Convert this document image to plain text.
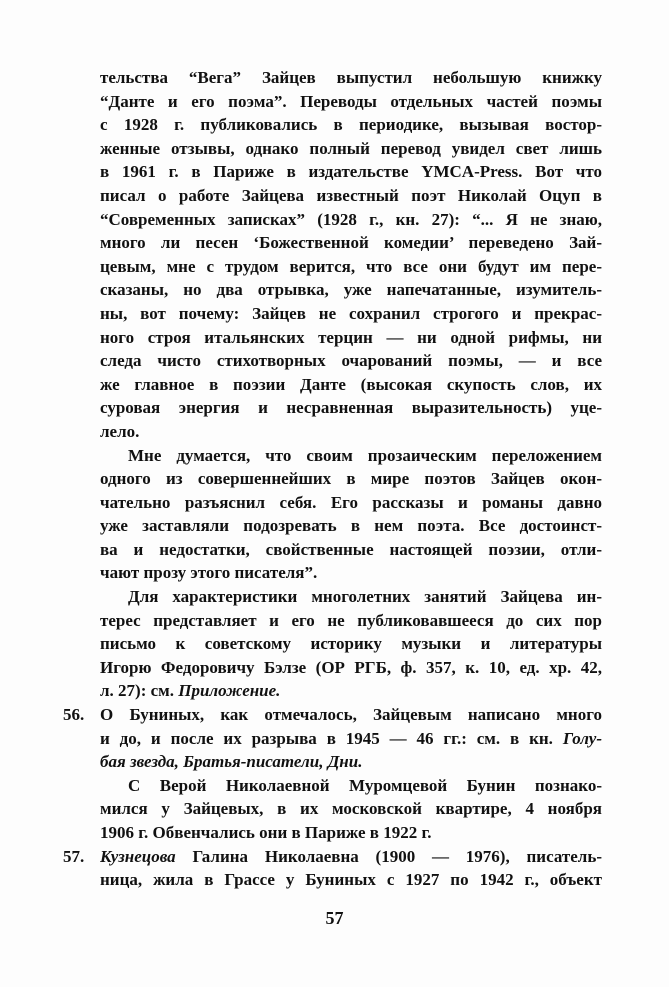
тельства “Вега” Зайцев выпустил небольшую книжку
“Данте и его поэма”. Переводы отдельных частей поэмы
с 1928 г. публиковались в периодике, вызывая востор-
женные отзывы, однако полный перевод увидел свет лишь
в 1961 г. в Париже в издательстве YMCA-Press. Вот что
писал о работе Зайцева известный поэт Николай Оцуп в
“Современных записках” (1928 г., кн. 27): “... Я не знаю,
много ли песен ‘Божественной комедии’ переведено Зай-
цевым, мне с трудом верится, что все они будут им пере-
сказаны, но два отрывка, уже напечатанные, изумитель-
ны, вот почему: Зайцев не сохранил строгого и прекрас-
ного строя итальянских терцин — ни одной рифмы, ни
следа чисто стихотворных очарований поэмы, — и все
же главное в поэзии Данте (высокая скупость слов, их
суровая энергия и несравненная выразительность) уце-
лело.
Мне думается, что своим прозаическим переложением
одного из совершеннейших в мире поэтов Зайцев окон-
чательно разъяснил себя. Его рассказы и романы давно
уже заставляли подозревать в нем поэта. Все достоинст-
ва и недостатки, свойственные настоящей поэзии, отли-
чают прозу этого писателя”.
Для характеристики многолетних занятий Зайцева ин-
терес представляет и его не публиковавшееся до сих пор
письмо к советскому историку музыки и литературы
Игорю Федоровичу Бэлзе (ОР РГБ, ф. 357, к. 10, ед. хр. 42,
л. 27): см. Приложение.
56. О Буниных, как отмечалось, Зайцевым написано много
и до, и после их разрыва в 1945 — 46 гг.: см. в кн. Голу-
бая звезда, Братья-писатели, Дни.
С Верой Николаевной Муромцевой Бунин познако-
мился у Зайцевых, в их московской квартире, 4 ноября
1906 г. Обвенчались они в Париже в 1922 г.
57. Кузнецова Галина Николаевна (1900 — 1976), писатель-
ница, жила в Грассе у Буниных с 1927 по 1942 г., объект
57
